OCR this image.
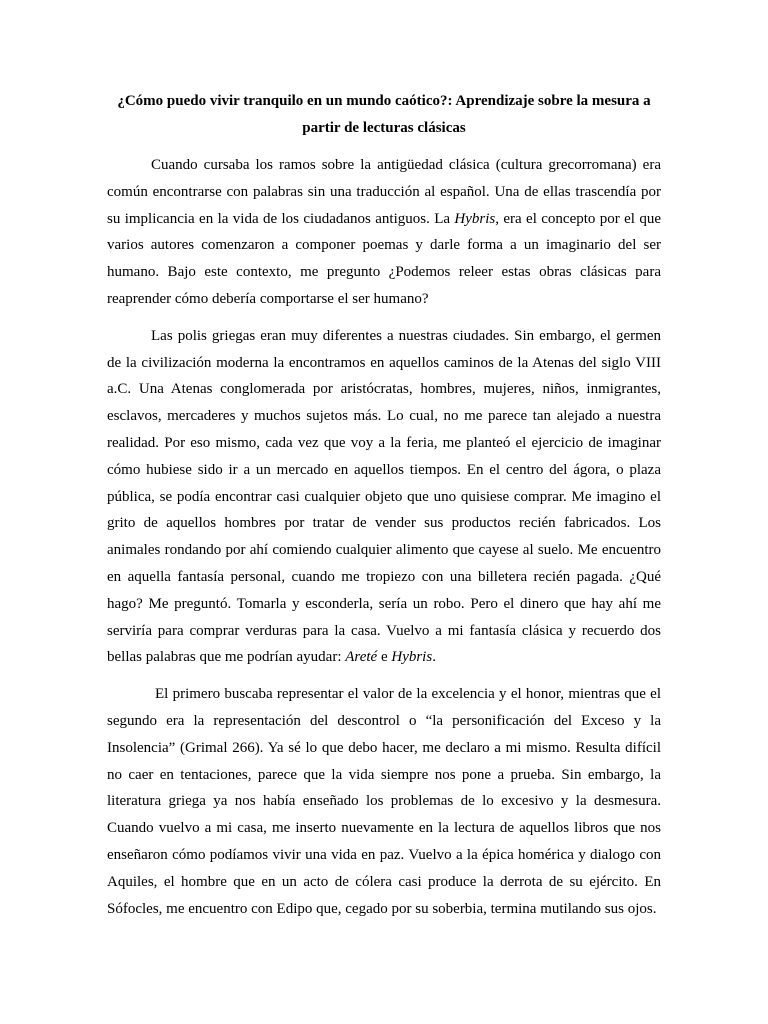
¿Cómo puedo vivir tranquilo en un mundo caótico?: Aprendizaje sobre la mesura a partir de lecturas clásicas

Cuando cursaba los ramos sobre la antigüedad clásica (cultura grecorromana) era común encontrarse con palabras sin una traducción al español. Una de ellas trascendía por su implicancia en la vida de los ciudadanos antiguos. La Hybris, era el concepto por el que varios autores comenzaron a componer poemas y darle forma a un imaginario del ser humano. Bajo este contexto, me pregunto ¿Podemos releer estas obras clásicas para reaprender cómo debería comportarse el ser humano?

Las polis griegas eran muy diferentes a nuestras ciudades. Sin embargo, el germen de la civilización moderna la encontramos en aquellos caminos de la Atenas del siglo VIII a.C. Una Atenas conglomerada por aristócratas, hombres, mujeres, niños, inmigrantes, esclavos, mercaderes y muchos sujetos más. Lo cual, no me parece tan alejado a nuestra realidad. Por eso mismo, cada vez que voy a la feria, me planteó el ejercicio de imaginar cómo hubiese sido ir a un mercado en aquellos tiempos. En el centro del ágora, o plaza pública, se podía encontrar casi cualquier objeto que uno quisiese comprar. Me imagino el grito de aquellos hombres por tratar de vender sus productos recién fabricados. Los animales rondando por ahí comiendo cualquier alimento que cayese al suelo. Me encuentro en aquella fantasía personal, cuando me tropiezo con una billetera recién pagada. ¿Qué hago? Me preguntó. Tomarla y esconderla, sería un robo. Pero el dinero que hay ahí me serviría para comprar verduras para la casa. Vuelvo a mi fantasía clásica y recuerdo dos bellas palabras que me podrían ayudar: Areté e Hybris.

El primero buscaba representar el valor de la excelencia y el honor, mientras que el segundo era la representación del descontrol o “la personificación del Exceso y la Insolencia” (Grimal 266). Ya sé lo que debo hacer, me declaro a mi mismo. Resulta difícil no caer en tentaciones, parece que la vida siempre nos pone a prueba. Sin embargo, la literatura griega ya nos había enseñado los problemas de lo excesivo y la desmesura. Cuando vuelvo a mi casa, me inserto nuevamente en la lectura de aquellos libros que nos enseñaron cómo podíamos vivir una vida en paz. Vuelvo a la épica homérica y dialogo con Aquiles, el hombre que en un acto de cólera casi produce la derrota de su ejército. En Sófocles, me encuentro con Edipo que, cegado por su soberbia, termina mutilando sus ojos.
